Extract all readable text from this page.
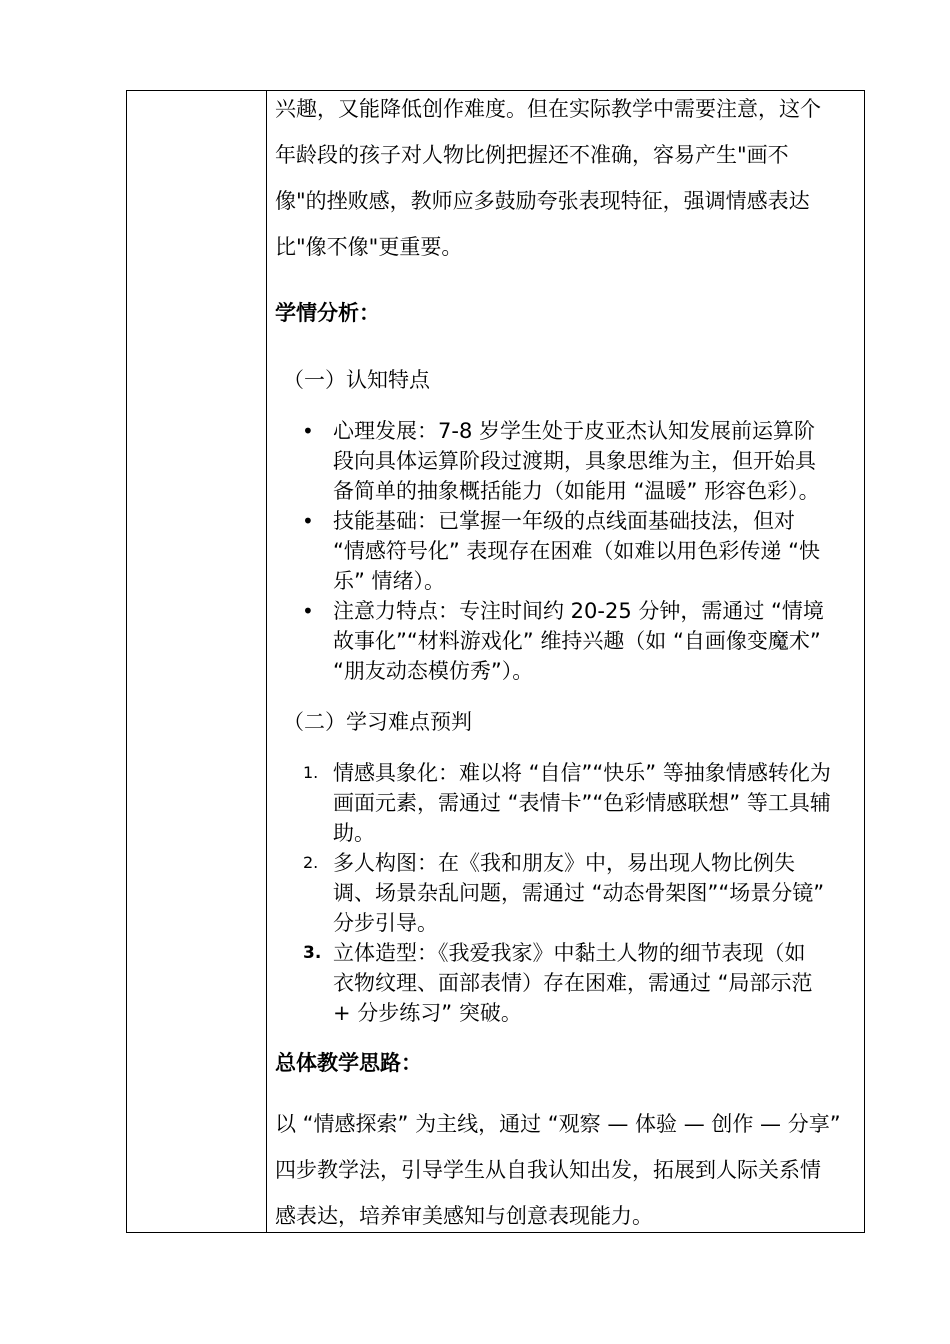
兴趣，又能降低创作难度。但在实际教学中需要注意，这个

年龄段的孩子对人物比例把握还不准确，容易产生"画不

像"的挫败感，教师应多鼓励夸张表现特征，强调情感表达

比"像不像"更重要。

学情分析：
（一）认知特点
• 心理发展：7-8 岁学生处于皮亚杰认知发展前运算阶
段向具体运算阶段过渡期，具象思维为主，但开始具
备简单的抽象概括能力（如能用 “温暖” 形容色彩）。
• 技能基础：已掌握一年级的点线面基础技法，但对
“情感符号化” 表现存在困难（如难以用色彩传递 “快
乐” 情绪）。
• 注意力特点：专注时间约 20-25 分钟，需通过 “情境
故事化”“材料游戏化” 维持兴趣（如 “自画像变魔术”
“朋友动态模仿秀”）。
（二）学习难点预判
1. 情感具象化：难以将 “自信”“快乐” 等抽象情感转化为
画面元素，需通过 “表情卡”“色彩情感联想” 等工具辅
助。
2. 多人构图：在《我和朋友》中，易出现人物比例失
调、场景杂乱问题，需通过 “动态骨架图”“场景分镜”
分步引导。
3. 立体造型：《我爱我家》中黏土人物的细节表现（如
衣物纹理、面部表情）存在困难，需通过 “局部示范
+ 分步练习” 突破。
总体教学思路：

以 “情感探索” 为主线，通过 “观察 — 体验 — 创作 — 分享”

四步教学法，引导学生从自我认知出发，拓展到人际关系情

感表达，培养审美感知与创意表现能力。
